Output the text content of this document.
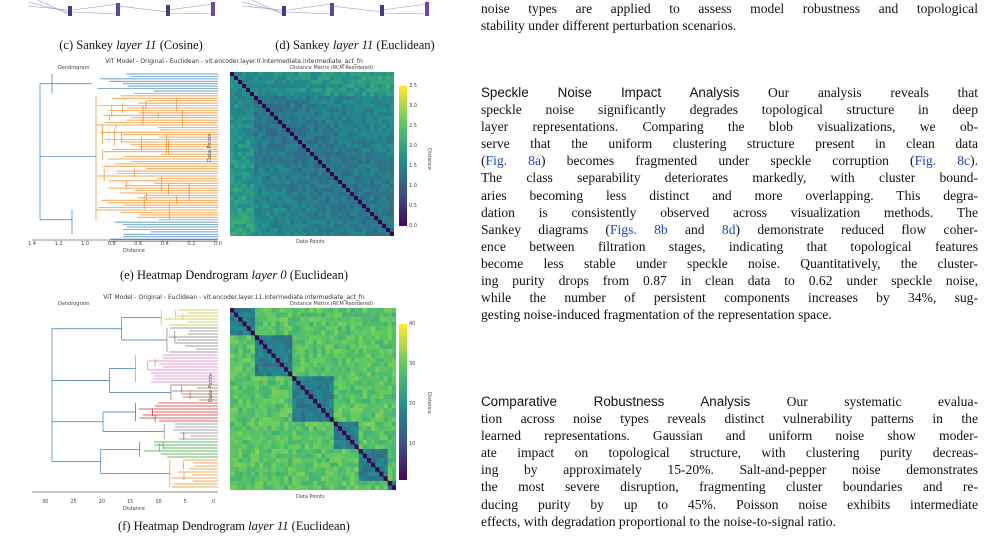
(c) Sankey layer 11 (Cosine)	(d) Sankey layer 11 (Euclidean)
ViT Model - Original - Euclidean - vit.encoder.layer.0.intermediate.intermediate_act_fn
Dendrogram	Distance Matrix (RCM Reordered)
Data Points
1.4	1.2	1.0	0.8	0.6	0.4	0.2	0.0
Distance
Data Points
3.5
3.0
2.5
2.0
1.5
1.0
0.5
0.0
Distance
(e) Heatmap Dendrogram layer 0 (Euclidean)
ViT Model - Original - Euclidean - vit.encoder.layer.11.intermediate.intermediate_act_fn
Dendrogram	Distance Matrix (RCM Reordered)
Data Points
30	25	20	15	10	5	0
Distance
Data Points
40
30
20
10
Distance
(f) Heatmap Dendrogram layer 11 (Euclidean)
noise types are applied to assess model robustness and topological
stability under different perturbation scenarios.
Speckle Noise Impact Analysis Our analysis reveals that
speckle noise significantly degrades topological structure in deep
layer representations. Comparing the blob visualizations, we ob-
serve that the uniform clustering structure present in clean data
(Fig. 8a) becomes fragmented under speckle corruption (Fig. 8c).
The class separability deteriorates markedly, with cluster bound-
aries becoming less distinct and more overlapping. This degra-
dation is consistently observed across visualization methods. The
Sankey diagrams (Figs. 8b and 8d) demonstrate reduced flow coher-
ence between filtration stages, indicating that topological features
become less stable under speckle noise. Quantitatively, the cluster-
ing purity drops from 0.87 in clean data to 0.62 under speckle noise,
while the number of persistent components increases by 34%, sug-
gesting noise-induced fragmentation of the representation space.
Comparative Robustness Analysis Our systematic evalua-
tion across noise types reveals distinct vulnerability patterns in the
learned representations. Gaussian and uniform noise show moder-
ate impact on topological structure, with clustering purity decreas-
ing by approximately 15-20%. Salt-and-pepper noise demonstrates
the most severe disruption, fragmenting cluster boundaries and re-
ducing purity by up to 45%. Poisson noise exhibits intermediate
effects, with degradation proportional to the noise-to-signal ratio.
